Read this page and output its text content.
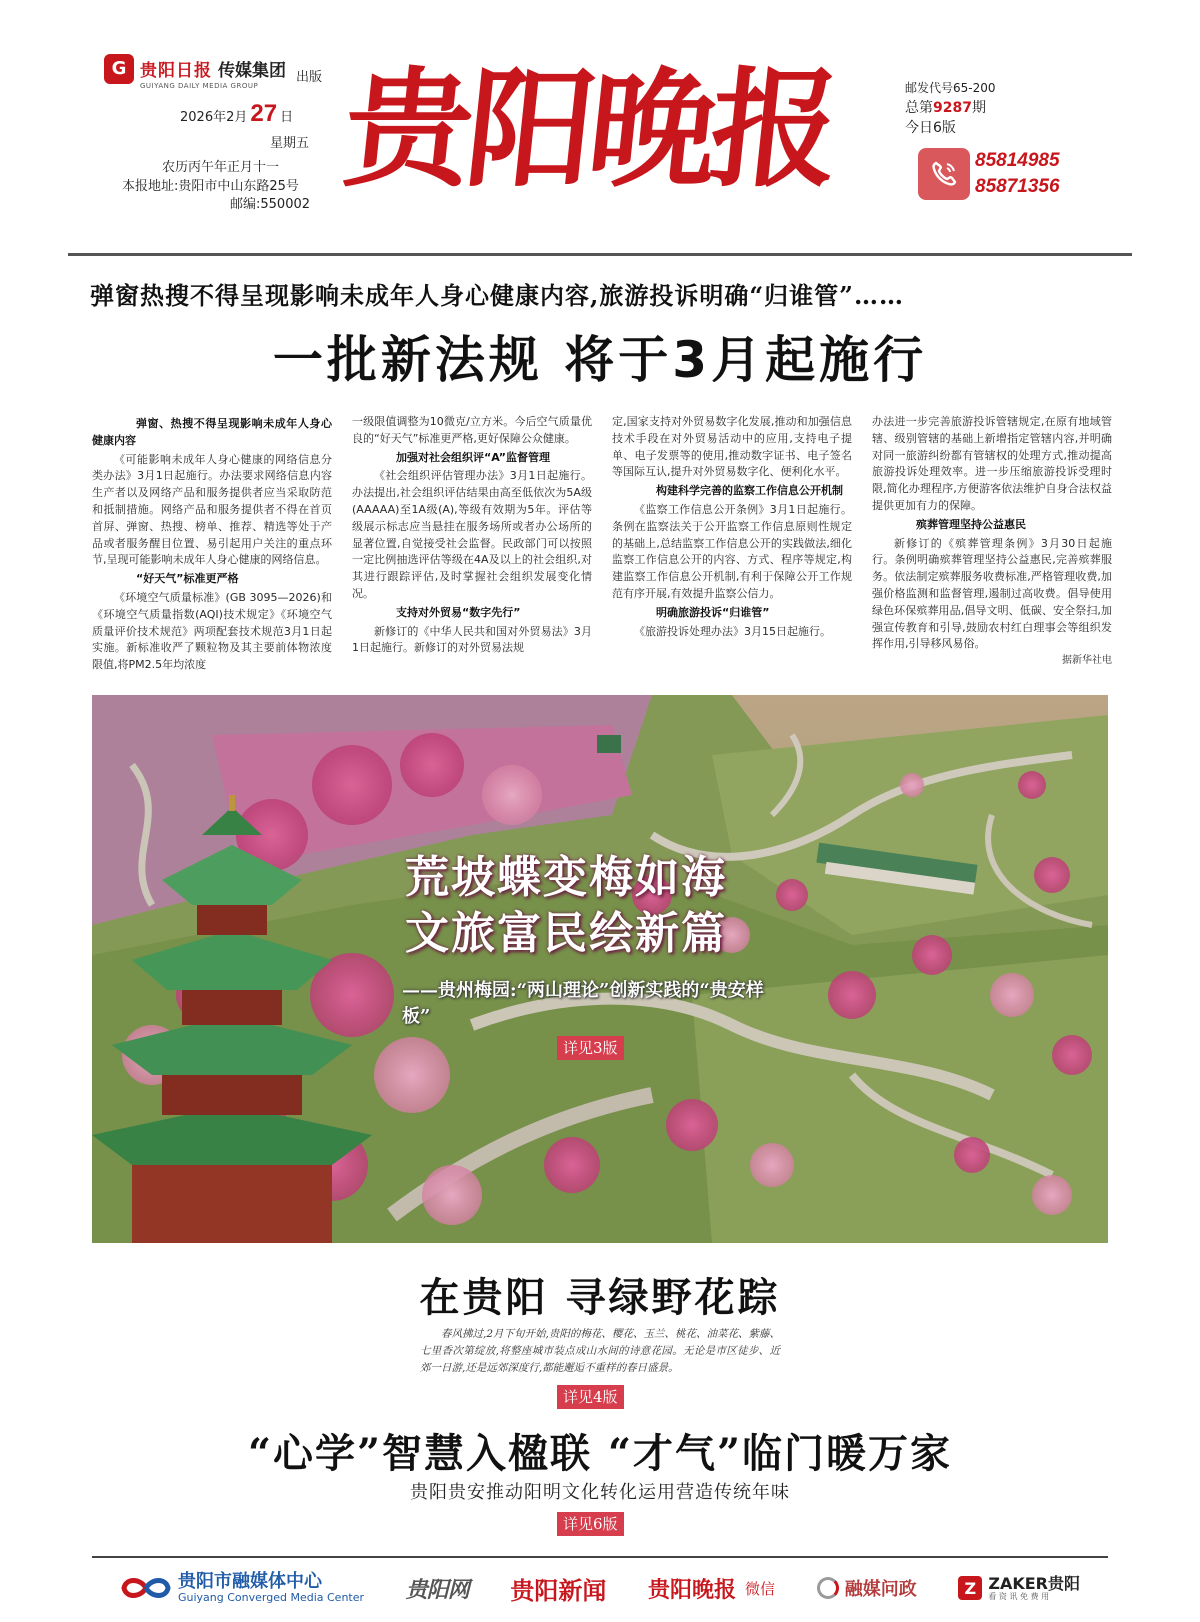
G 贵阳日报 传媒集团
GUIYANG DAILY MEDIA GROUP
出版
2026年2月 27 日
星期五
农历丙午年正月十一
本报地址:贵阳市中山东路25号
邮编:550002 贵阳晚报	邮发代号65-200
总第9287期
今日6版
85814985
85871356
弹窗热搜不得呈现影响未成年人身心健康内容,旅游投诉明确“归谁管”……
一批新法规 将于3月起施行

弹窗、热搜不得呈现影响未成年人身心健康内容

《可能影响未成年人身心健康的网络信息分类办法》3月1日起施行。办法要求网络信息内容生产者以及网络产品和服务提供者应当采取防范和抵制措施。网络产品和服务提供者不得在首页首屏、弹窗、热搜、榜单、推荐、精选等处于产品或者服务醒目位置、易引起用户关注的重点环节,呈现可能影响未成年人身心健康的网络信息。

“好天气”标准更严格

《环境空气质量标准》(GB 3095—2026)和《环境空气质量指数(AQI)技术规定》《环境空气质量评价技术规范》两项配套技术规范3月1日起实施。新标准收严了颗粒物及其主要前体物浓度限值,将PM2.5年均浓度

一级限值调整为10微克/立方米。今后空气质量优良的“好天气”标准更严格,更好保障公众健康。

加强对社会组织评“A”监督管理

《社会组织评估管理办法》3月1日起施行。办法提出,社会组织评估结果由高至低依次为5A级(AAAAA)至1A级(A),等级有效期为5年。评估等级展示标志应当悬挂在服务场所或者办公场所的显著位置,自觉接受社会监督。民政部门可以按照一定比例抽选评估等级在4A及以上的社会组织,对其进行跟踪评估,及时掌握社会组织发展变化情况。

支持对外贸易“数字先行”

新修订的《中华人民共和国对外贸易法》3月1日起施行。新修订的对外贸易法规

定,国家支持对外贸易数字化发展,推动和加强信息技术手段在对外贸易活动中的应用,支持电子提单、电子发票等的使用,推动数字证书、电子签名等国际互认,提升对外贸易数字化、便利化水平。

构建科学完善的监察工作信息公开机制

《监察工作信息公开条例》3月1日起施行。条例在监察法关于公开监察工作信息原则性规定的基础上,总结监察工作信息公开的实践做法,细化监察工作信息公开的内容、方式、程序等规定,构建监察工作信息公开机制,有利于保障公开工作规范有序开展,有效提升监察公信力。

明确旅游投诉“归谁管”

《旅游投诉处理办法》3月15日起施行。

办法进一步完善旅游投诉管辖规定,在原有地域管辖、级别管辖的基础上新增指定管辖内容,并明确对同一旅游纠纷都有管辖权的处理方式,推动提高旅游投诉处理效率。进一步压缩旅游投诉受理时限,简化办理程序,方便游客依法维护自身合法权益提供更加有力的保障。

殡葬管理坚持公益惠民

新修订的《殡葬管理条例》3月30日起施行。条例明确殡葬管理坚持公益惠民,完善殡葬服务。依法制定殡葬服务收费标准,严格管理收费,加强价格监测和监督管理,遏制过高收费。倡导使用绿色环保殡葬用品,倡导文明、低碳、安全祭扫,加强宣传教育和引导,鼓励农村红白理事会等组织发挥作用,引导移风易俗。

据新华社电

荒坡蝶变梅如海
文旅富民绘新篇
——贵州梅园:“两山理论”创新实践的“贵安样板”
详见3版
在贵阳 寻绿野花踪
春风拂过,2月下旬开始,贵阳的梅花、樱花、玉兰、桃花、油菜花、紫藤、七里香次第绽放,将整座城市装点成山水间的诗意花园。无论是市区徒步、近郊一日游,还是远郊深度行,都能邂逅不重样的春日盛景。
详见4版
“心学”智慧入楹联 “才气”临门暖万家
贵阳贵安推动阳明文化转化运用营造传统年味
详见6版
贵阳市融媒体中心
Guiyang Converged Media Center 贵阳网 贵阳新闻 贵阳晚报 微信	融媒问政	Z ZAKER贵阳
看 资 讯 免 费 用
